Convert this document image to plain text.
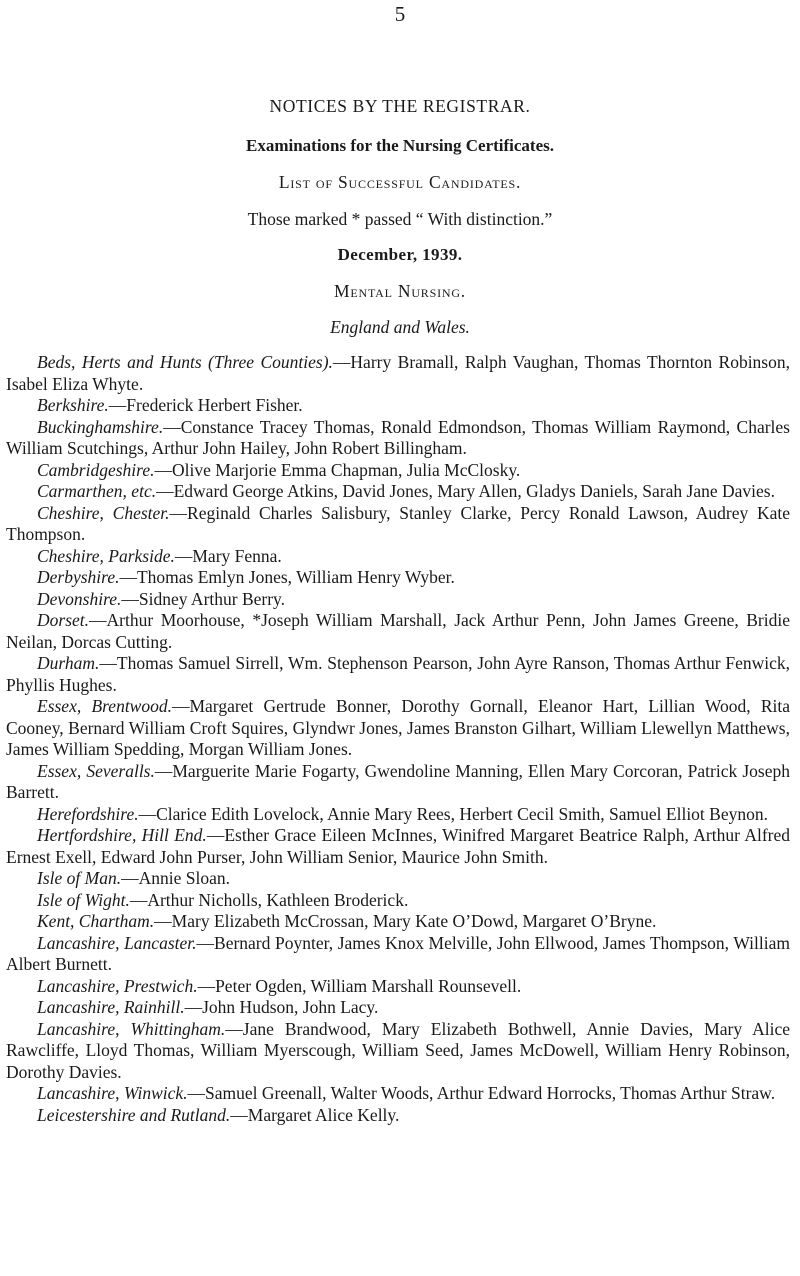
5

NOTICES BY THE REGISTRAR.

Examinations for the Nursing Certificates.

List of Successful Candidates.

Those marked * passed “ With distinction.”

December, 1939.

Mental Nursing.

England and Wales.

Beds, Herts and Hunts (Three Counties).—Harry Bramall, Ralph Vaughan, Thomas Thornton Robinson, Isabel Eliza Whyte.

Berkshire.—Frederick Herbert Fisher.

Buckinghamshire.—Constance Tracey Thomas, Ronald Edmondson, Thomas William Raymond, Charles William Scutchings, Arthur John Hailey, John Robert Billingham.

Cambridgeshire.—Olive Marjorie Emma Chapman, Julia McClosky.

Carmarthen, etc.—Edward George Atkins, David Jones, Mary Allen, Gladys Daniels, Sarah Jane Davies.

Cheshire, Chester.—Reginald Charles Salisbury, Stanley Clarke, Percy Ronald Lawson, Audrey Kate Thompson.

Cheshire, Parkside.—Mary Fenna.

Derbyshire.—Thomas Emlyn Jones, William Henry Wyber.

Devonshire.—Sidney Arthur Berry.

Dorset.—Arthur Moorhouse, *Joseph William Marshall, Jack Arthur Penn, John James Greene, Bridie Neilan, Dorcas Cutting.

Durham.—Thomas Samuel Sirrell, Wm. Stephenson Pearson, John Ayre Ranson, Thomas Arthur Fenwick, Phyllis Hughes.

Essex, Brentwood.—Margaret Gertrude Bonner, Dorothy Gornall, Eleanor Hart, Lillian Wood, Rita Cooney, Bernard William Croft Squires, Glyndwr Jones, James Branston Gilhart, William Llewellyn Matthews, James William Spedding, Morgan William Jones.

Essex, Severalls.—Marguerite Marie Fogarty, Gwendoline Manning, Ellen Mary Corcoran, Patrick Joseph Barrett.

Herefordshire.—Clarice Edith Lovelock, Annie Mary Rees, Herbert Cecil Smith, Samuel Elliot Beynon.

Hertfordshire, Hill End.—Esther Grace Eileen McInnes, Winifred Margaret Beatrice Ralph, Arthur Alfred Ernest Exell, Edward John Purser, John William Senior, Maurice John Smith.

Isle of Man.—Annie Sloan.

Isle of Wight.—Arthur Nicholls, Kathleen Broderick.

Kent, Chartham.—Mary Elizabeth McCrossan, Mary Kate O’Dowd, Margaret O’Bryne.

Lancashire, Lancaster.—Bernard Poynter, James Knox Melville, John Ellwood, James Thompson, William Albert Burnett.

Lancashire, Prestwich.—Peter Ogden, William Marshall Rounsevell.

Lancashire, Rainhill.—John Hudson, John Lacy.

Lancashire, Whittingham.—Jane Brandwood, Mary Elizabeth Bothwell, Annie Davies, Mary Alice Rawcliffe, Lloyd Thomas, William Myerscough, William Seed, James McDowell, William Henry Robinson, Dorothy Davies.

Lancashire, Winwick.—Samuel Greenall, Walter Woods, Arthur Edward Horrocks, Thomas Arthur Straw.

Leicestershire and Rutland.—Margaret Alice Kelly.
